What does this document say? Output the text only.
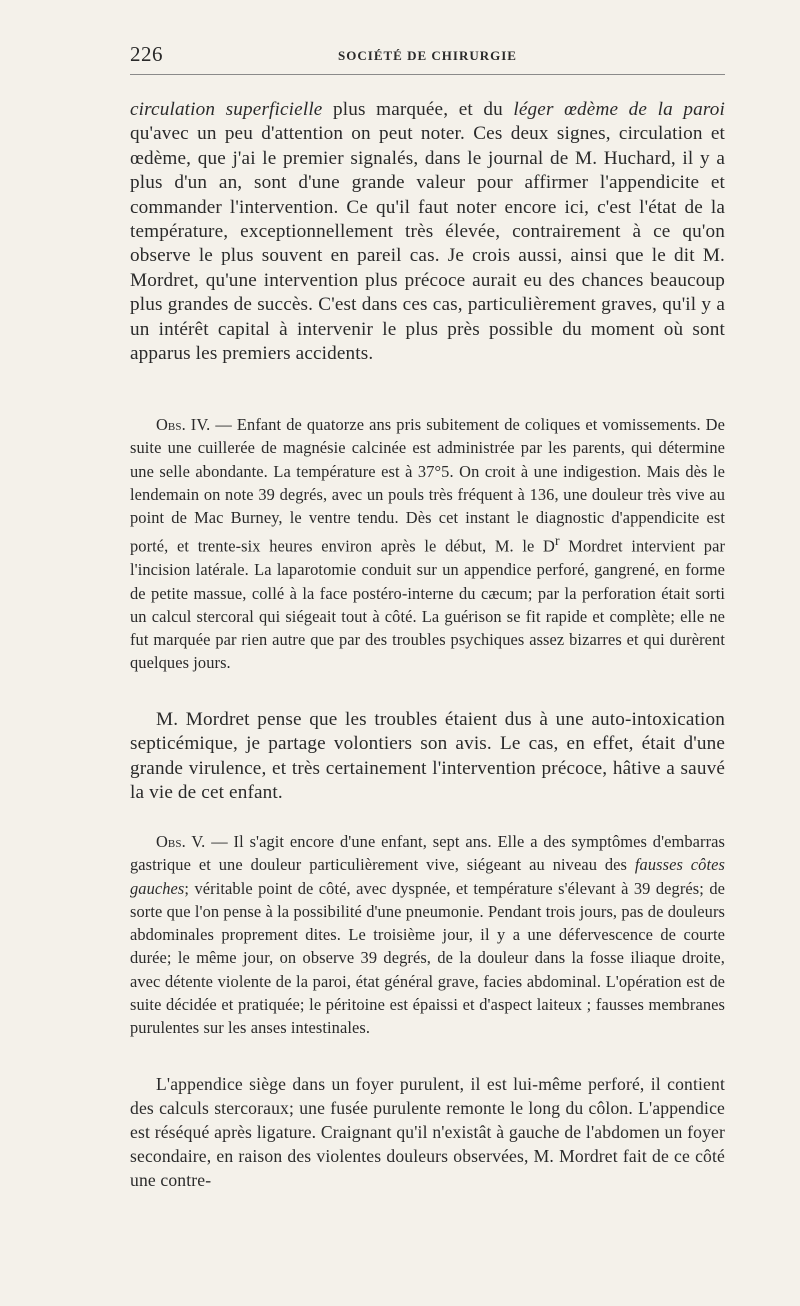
226	SOCIÉTÉ DE CHIRURGIE

circulation superficielle plus marquée, et du léger œdème de la paroi qu'avec un peu d'attention on peut noter. Ces deux signes, circulation et œdème, que j'ai le premier signalés, dans le journal de M. Huchard, il y a plus d'un an, sont d'une grande valeur pour affirmer l'appendicite et commander l'intervention. Ce qu'il faut noter encore ici, c'est l'état de la température, exceptionnellement très élevée, contrairement à ce qu'on observe le plus souvent en pareil cas. Je crois aussi, ainsi que le dit M. Mordret, qu'une intervention plus précoce aurait eu des chances beaucoup plus grandes de succès. C'est dans ces cas, particulièrement graves, qu'il y a un intérêt capital à intervenir le plus près possible du moment où sont apparus les premiers accidents.

Obs. IV. — Enfant de quatorze ans pris subitement de coliques et vomissements. De suite une cuillerée de magnésie calcinée est administrée par les parents, qui détermine une selle abondante. La température est à 37°5. On croit à une indigestion. Mais dès le lendemain on note 39 degrés, avec un pouls très fréquent à 136, une douleur très vive au point de Mac Burney, le ventre tendu. Dès cet instant le diagnostic d'appendicite est porté, et trente-six heures environ après le début, M. le $D^r$ Mordret intervient par l'incision latérale. La laparotomie conduit sur un appendice perforé, gangrené, en forme de petite massue, collé à la face postéro-interne du cæcum; par la perforation était sorti un calcul stercoral qui siégeait tout à côté. La guérison se fit rapide et complète; elle ne fut marquée par rien autre que par des troubles psychiques assez bizarres et qui durèrent quelques jours.

M. Mordret pense que les troubles étaient dus à une auto-intoxication septicémique, je partage volontiers son avis. Le cas, en effet, était d'une grande virulence, et très certainement l'intervention précoce, hâtive a sauvé la vie de cet enfant.

Obs. V. — Il s'agit encore d'une enfant, sept ans. Elle a des symptômes d'embarras gastrique et une douleur particulièrement vive, siégeant au niveau des fausses côtes gauches; véritable point de côté, avec dyspnée, et température s'élevant à 39 degrés; de sorte que l'on pense à la possibilité d'une pneumonie. Pendant trois jours, pas de douleurs abdominales proprement dites. Le troisième jour, il y a une défervescence de courte durée; le même jour, on observe 39 degrés, de la douleur dans la fosse iliaque droite, avec détente violente de la paroi, état général grave, facies abdominal. L'opération est de suite décidée et pratiquée; le péritoine est épaissi et d'aspect laiteux ; fausses membranes purulentes sur les anses intestinales.

L'appendice siège dans un foyer purulent, il est lui-même perforé, il contient des calculs stercoraux; une fusée purulente remonte le long du côlon. L'appendice est réséqué après ligature. Craignant qu'il n'existât à gauche de l'abdomen un foyer secondaire, en raison des violentes douleurs observées, M. Mordret fait de ce côté une contre-
